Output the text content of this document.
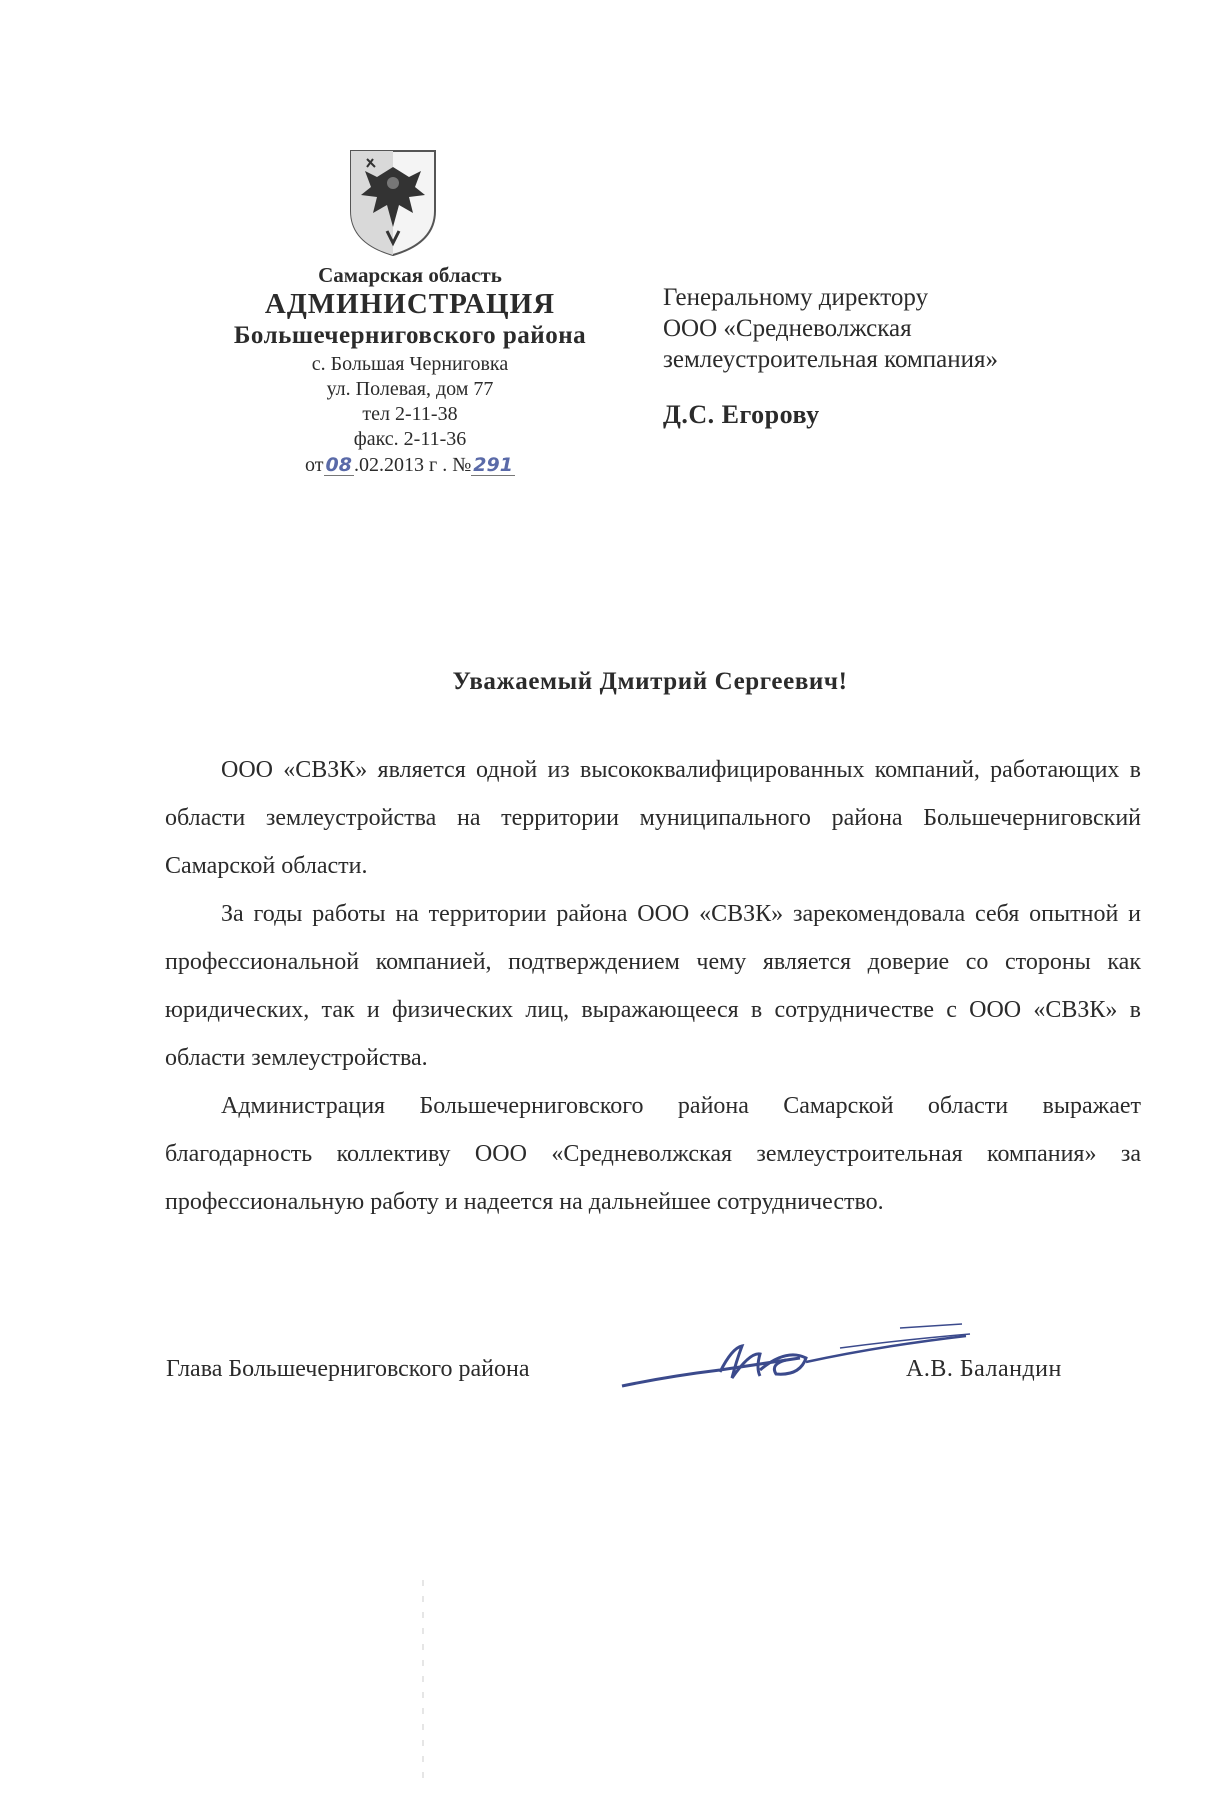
Самарская область
АДМИНИСТРАЦИЯ
Большечерниговского района
с. Большая Черниговка
ул. Полевая, дом 77
тел 2-11-38
факс. 2-11-36
от 08 .02.2013 г . № 291
Генеральному директору
ООО «Средневолжская
землеустроительная компания»
Д.С. Егорову
Уважаемый Дмитрий Сергеевич!

ООО «СВЗК» является одной из высококвалифицированных компаний, работающих в области землеустройства на территории муниципального района Большечерниговский Самарской области.

За годы работы на территории района ООО «СВЗК» зарекомендовала себя опытной и профессиональной компанией, подтверждением чему является доверие со стороны как юридических, так и физических лиц, выражающееся в сотрудничестве с ООО «СВЗК» в области землеустройства.

Администрация Большечерниговского района Самарской области выражает благодарность коллективу ООО «Средневолжская землеустроительная компания» за профессиональную работу и надеется на дальнейшее сотрудничество.

Глава Большечерниговского района	А.В. Баландин
